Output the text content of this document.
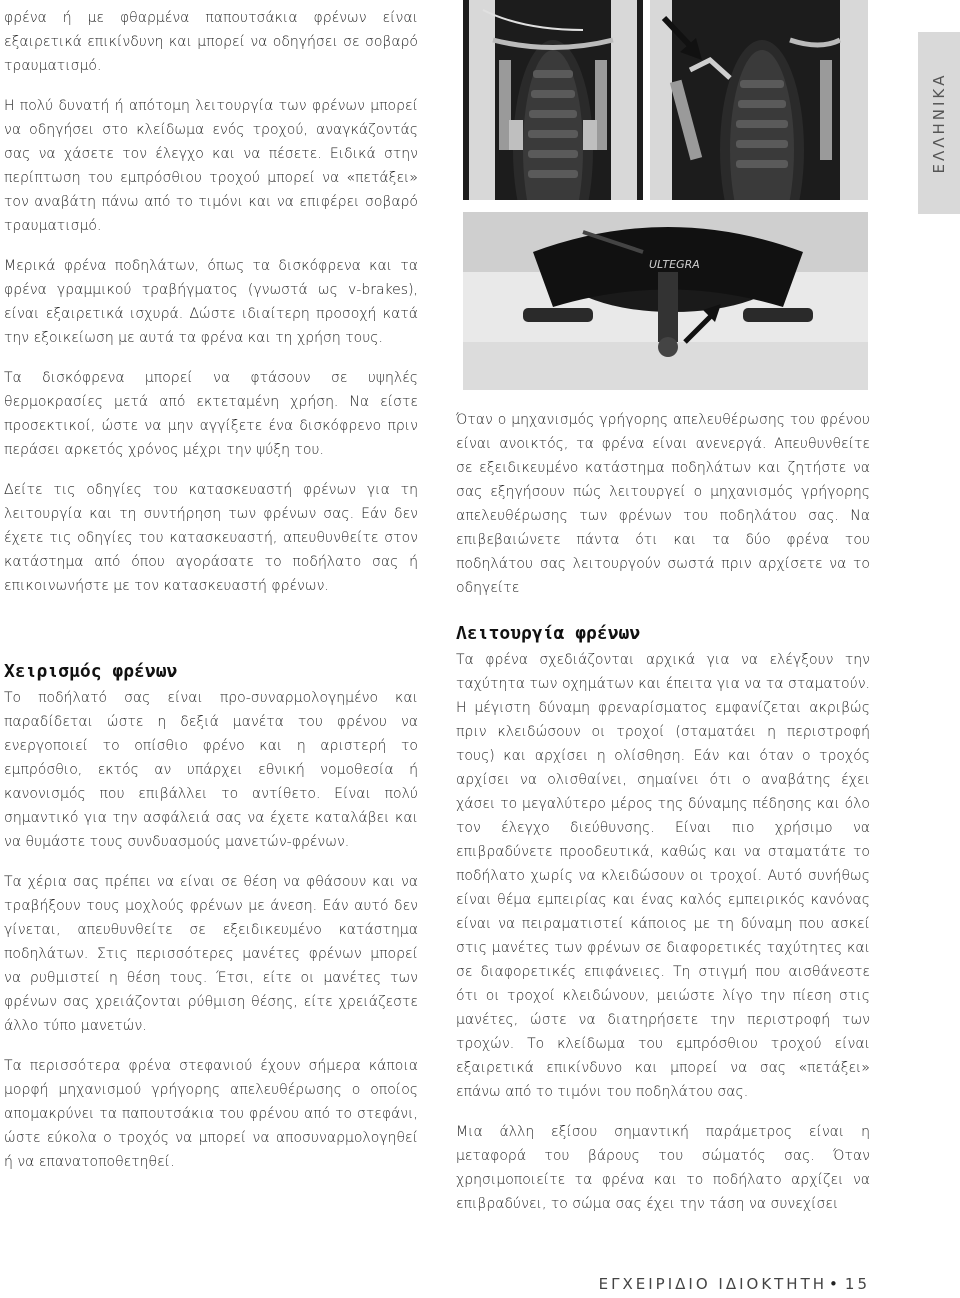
ULTEGRA
ΕΛΛΗΝΙΚΑ

φρένα ή με φθαρμένα παπουτσάκια φρένων είναι εξαιρετικά επικίνδυνη και μπορεί να οδηγήσει σε σοβαρό τραυματισμό.

Η πολύ δυνατή ή απότομη λειτουργία των φρένων μπορεί να οδηγήσει στο κλείδωμα ενός τροχού, αναγκάζοντάς σας να χάσετε τον έλεγχο και να πέσετε. Ειδικά στην περίπτωση του εμπρόσθιου τροχού μπορεί να «πετάξει» τον αναβάτη πάνω από το τιμόνι και να επιφέρει σοβαρό τραυματισμό.

Μερικά φρένα ποδηλάτων, όπως τα δισκόφρενα και τα φρένα γραμμικού τραβήγματος (γνωστά ως v-brakes), είναι εξαιρετικά ισχυρά. Δώστε ιδιαίτερη προσοχή κατά την εξοικείωση με αυτά τα φρένα και τη χρήση τους.

Τα δισκόφρενα μπορεί να φτάσουν σε υψηλές θερμοκρασίες μετά από εκτεταμένη χρήση. Να είστε προσεκτικοί, ώστε να μην αγγίξετε ένα δισκόφρενο πριν περάσει αρκετός χρόνος μέχρι την ψύξη του.

Δείτε τις οδηγίες του κατασκευαστή φρένων για τη λειτουργία και τη συντήρηση των φρένων σας. Εάν δεν έχετε τις οδηγίες του κατασκευαστή, απευθυνθείτε στον κατάστημα από όπου αγοράσατε το ποδήλατο σας ή επικοινωνήστε με τον κατασκευαστή φρένων.

Χειρισμός φρένων

Το ποδήλατό σας είναι προ-συναρμολογημένο και παραδίδεται ώστε η δεξιά μανέτα του φρένου να ενεργοποιεί το οπίσθιο φρένο και η αριστερή το εμπρόσθιο, εκτός αν υπάρχει εθνική νομοθεσία ή κανονισμός που επιβάλλει το αντίθετο. Είναι πολύ σημαντικό για την ασφάλειά σας να έχετε καταλάβει και να θυμάστε τους συνδυασμούς μανετών-φρένων.

Τα χέρια σας πρέπει να είναι σε θέση να φθάσουν και να τραβήξουν τους μοχλούς φρένων με άνεση. Εάν αυτό δεν γίνεται, απευθυνθείτε σε εξειδικευμένο κατάστημα ποδηλάτων. Στις περισσότερες μανέτες φρένων μπορεί να ρυθμιστεί η θέση τους. Έτσι, είτε οι μανέτες των φρένων σας χρειάζονται ρύθμιση θέσης, είτε χρειάζεστε άλλο τύπο μανετών.

Τα περισσότερα φρένα στεφανιού έχουν σήμερα κάποια μορφή μηχανισμού γρήγορης απελευθέρωσης ο οποίος απομακρύνει τα παπουτσάκια του φρένου από το στεφάνι, ώστε εύκολα ο τροχός να μπορεί να αποσυναρμολογηθεί ή να επανατοποθετηθεί.

Όταν ο μηχανισμός γρήγορης απελευθέρωσης του φρένου είναι ανοικτός, τα φρένα είναι ανενεργά. Απευθυνθείτε σε εξειδικευμένο κατάστημα ποδηλάτων και ζητήστε να σας εξηγήσουν πώς λειτουργεί ο μηχανισμός γρήγορης απελευθέρωσης των φρένων του ποδηλάτου σας. Να επιβεβαιώνετε πάντα ότι και τα δύο φρένα του ποδηλάτου σας λειτουργούν σωστά πριν αρχίσετε να το οδηγείτε

Λειτουργία φρένων

Τα φρένα σχεδιάζονται αρχικά για να ελέγξουν την ταχύτητα των οχημάτων και έπειτα για να τα σταματούν. Η μέγιστη δύναμη φρεναρίσματος εμφανίζεται ακριβώς πριν κλειδώσουν οι τροχοί (σταματάει η περιστροφή τους) και αρχίσει η ολίσθηση. Εάν και όταν ο τροχός αρχίσει να ολισθαίνει, σημαίνει ότι ο αναβάτης έχει χάσει το μεγαλύτερο μέρος της δύναμης πέδησης και όλο τον έλεγχο διεύθυνσης. Είναι πιο χρήσιμο να επιβραδύνετε προοδευτικά, καθώς και να σταματάτε το ποδήλατο χωρίς να κλειδώσουν οι τροχοί. Αυτό συνήθως είναι θέμα εμπειρίας και ένας καλός εμπειρικός κανόνας είναι να πειραματιστεί κάποιος με τη δύναμη που ασκεί στις μανέτες των φρένων σε διαφορετικές ταχύτητες και σε διαφορετικές επιφάνειες. Τη στιγμή που αισθάνεστε ότι οι τροχοί κλειδώνουν, μειώστε λίγο την πίεση στις μανέτες, ώστε να διατηρήσετε την περιστροφή των τροχών. Το κλείδωμα του εμπρόσθιου τροχού είναι εξαιρετικά επικίνδυνο και μπορεί να σας «πετάξει» επάνω από το τιμόνι του ποδηλάτου σας.

Μια άλλη εξίσου σημαντική παράμετρος είναι η μεταφορά του βάρους του σώματός σας. Όταν χρησιμοποιείτε τα φρένα και το ποδήλατο αρχίζει να επιβραδύνει, το σώμα σας έχει την τάση να συνεχίσει

ΕΓΧΕΙΡΙΔΙΟ ΙΔΙΟΚΤΗΤΗ • 15
